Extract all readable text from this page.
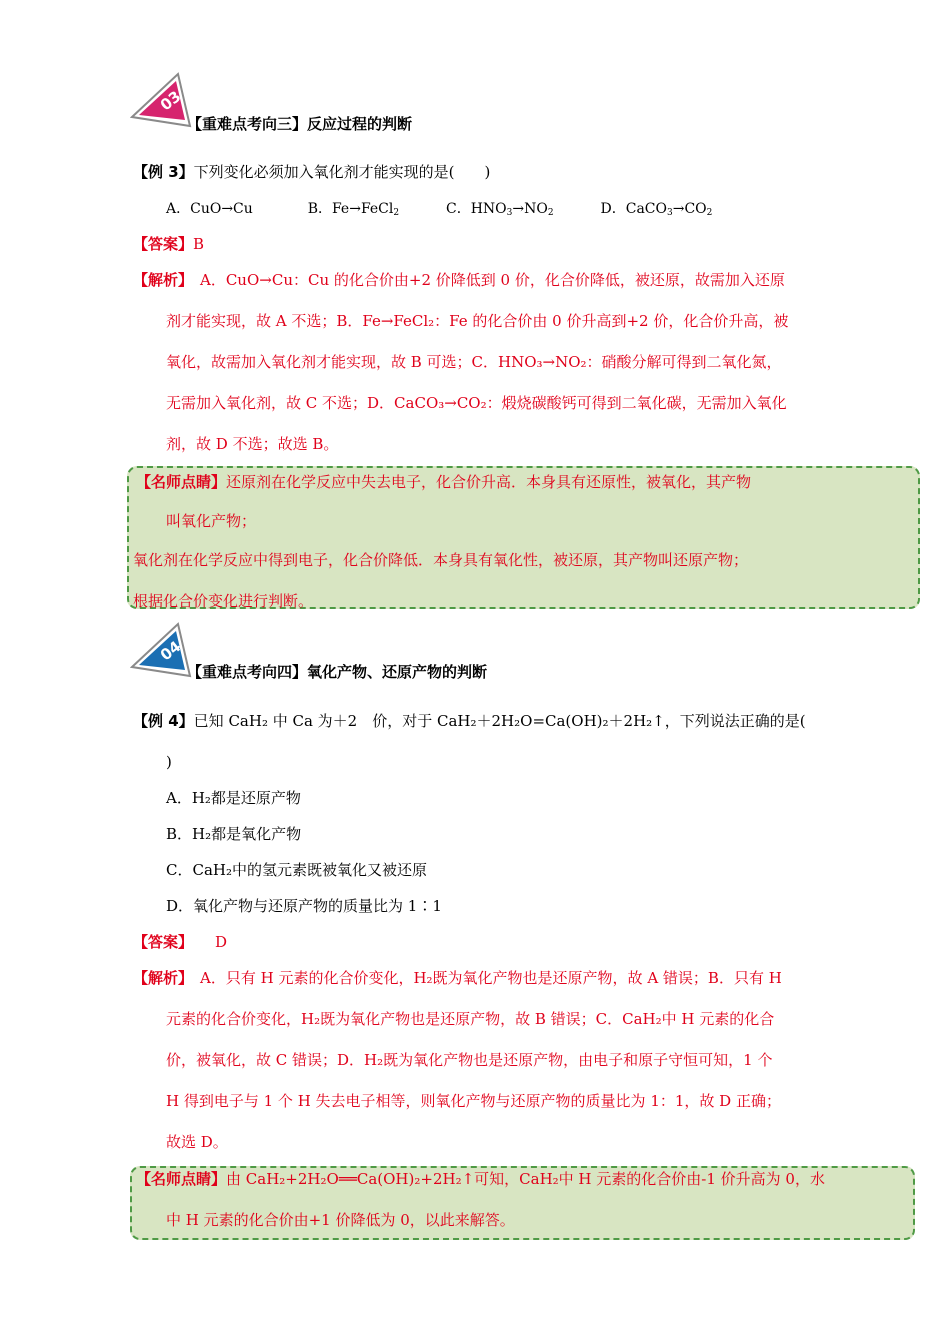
03
【重难点考向三】反应过程的判断
【例 3】下列变化必须加入氧化剂才能实现的是(　　)
A．CuO→Cu	B．Fe→FeCl$_2$	C．$HNO_3\to NO_2$	D．$CaCO_3\to CO_2$
【答案】B
【解析】 A．CuO→Cu：Cu 的化合价由+2 价降低到 0 价，化合价降低，被还原，故需加入还原
剂才能实现，故 A 不选；B．Fe→FeCl₂：Fe 的化合价由 0 价升高到+2 价，化合价升高，被
氧化，故需加入氧化剂才能实现，故 B 可选；C．HNO₃→NO₂：硝酸分解可得到二氧化氮，
无需加入氧化剂，故 C 不选；D．CaCO₃→CO₂：煅烧碳酸钙可得到二氧化碳，无需加入氧化
剂，故 D 不选；故选 B。
【名师点睛】还原剂在化学反应中失去电子，化合价升高．本身具有还原性，被氧化，其产物
叫氧化产物；
氧化剂在化学反应中得到电子，化合价降低．本身具有氧化性，被还原，其产物叫还原产物；
根据化合价变化进行判断。
04
【重难点考向四】氧化产物、还原产物的判断
【例 4】已知 CaH₂ 中 Ca 为＋2　价，对于 CaH₂＋2H₂O=Ca(OH)₂＋2H₂↑，下列说法正确的是(
)
A．H₂都是还原产物
B．H₂都是氧化产物
C．CaH₂中的氢元素既被氧化又被还原
D．氧化产物与还原产物的质量比为 1∶1
【答案】 D
【解析】 A．只有 H 元素的化合价变化，H₂既为氧化产物也是还原产物，故 A 错误；B．只有 H
元素的化合价变化，H₂既为氧化产物也是还原产物，故 B 错误；C．CaH₂中 H 元素的化合
价，被氧化，故 C 错误；D．H₂既为氧化产物也是还原产物，由电子和原子守恒可知，1 个
H 得到电子与 1 个 H 失去电子相等，则氧化产物与还原产物的质量比为 1：1，故 D 正确；
故选 D。
【名师点睛】由 CaH₂+2H₂O══Ca(OH)₂+2H₂↑可知，CaH₂中 H 元素的化合价由-1 价升高为 0，水
中 H 元素的化合价由+1 价降低为 0，以此来解答。
